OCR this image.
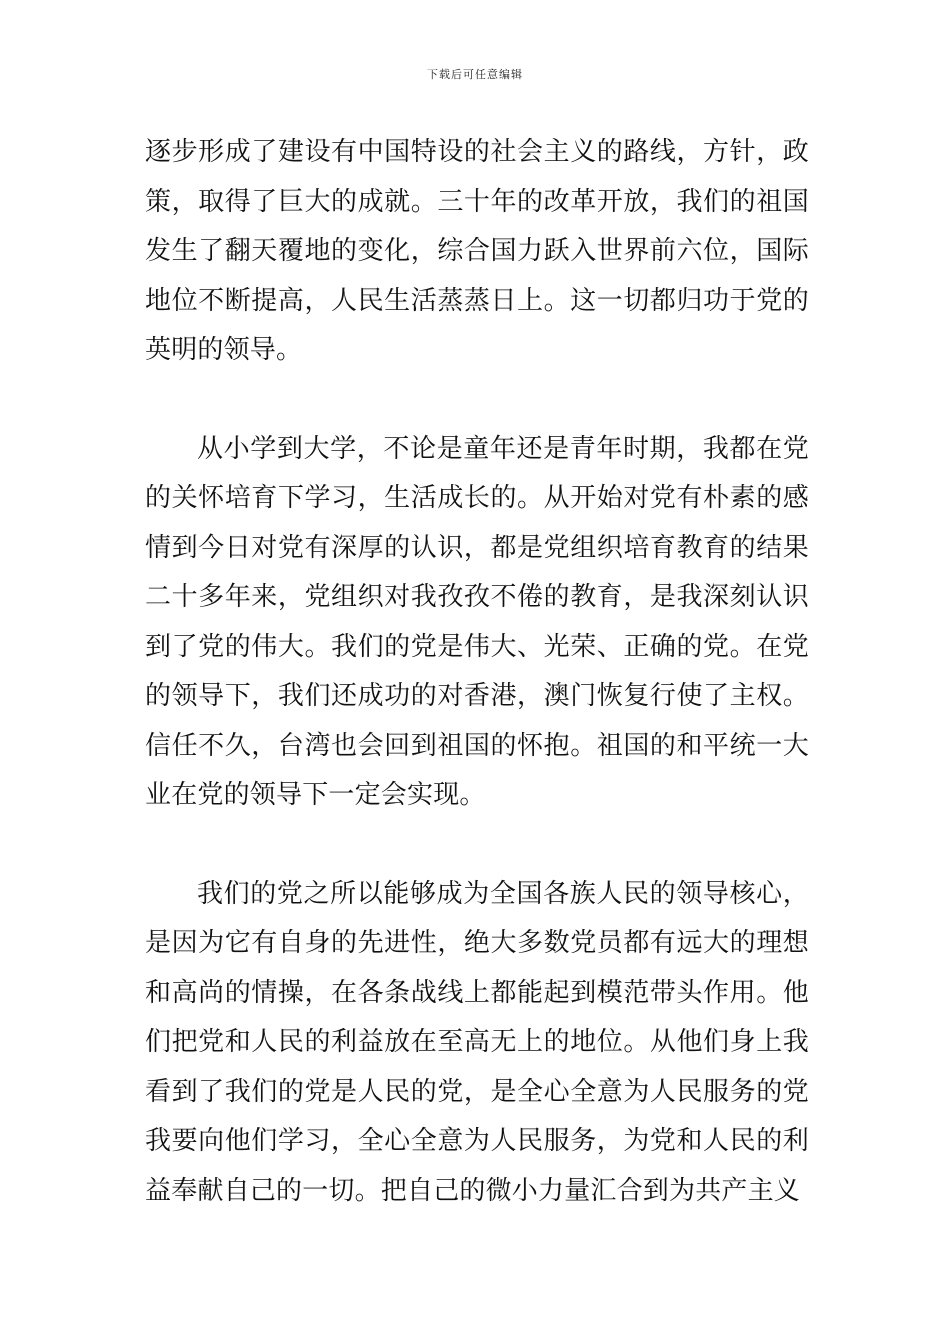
下载后可任意编辑

逐步形成了建设有中国特设的社会主义的路线，方针，政策，取得了巨大的成就。三十年的改革开放，我们的祖国发生了翻天覆地的变化，综合国力跃入世界前六位，国际地位不断提高，人民生活蒸蒸日上。这一切都归功于党的英明的领导。

从小学到大学，不论是童年还是青年时期，我都在党的关怀培育下学习，生活成长的。从开始对党有朴素的感情到今日对党有深厚的认识，都是党组织培育教育的结果二十多年来，党组织对我孜孜不倦的教育，是我深刻认识到了党的伟大。我们的党是伟大、光荣、正确的党。在党的领导下，我们还成功的对香港，澳门恢复行使了主权。信任不久，台湾也会回到祖国的怀抱。祖国的和平统一大业在党的领导下一定会实现。

我们的党之所以能够成为全国各族人民的领导核心，是因为它有自身的先进性，绝大多数党员都有远大的理想和高尚的情操，在各条战线上都能起到模范带头作用。他们把党和人民的利益放在至高无上的地位。从他们身上我看到了我们的党是人民的党，是全心全意为人民服务的党我要向他们学习，全心全意为人民服务，为党和人民的利益奉献自己的一切。把自己的微小力量汇合到为共产主义
